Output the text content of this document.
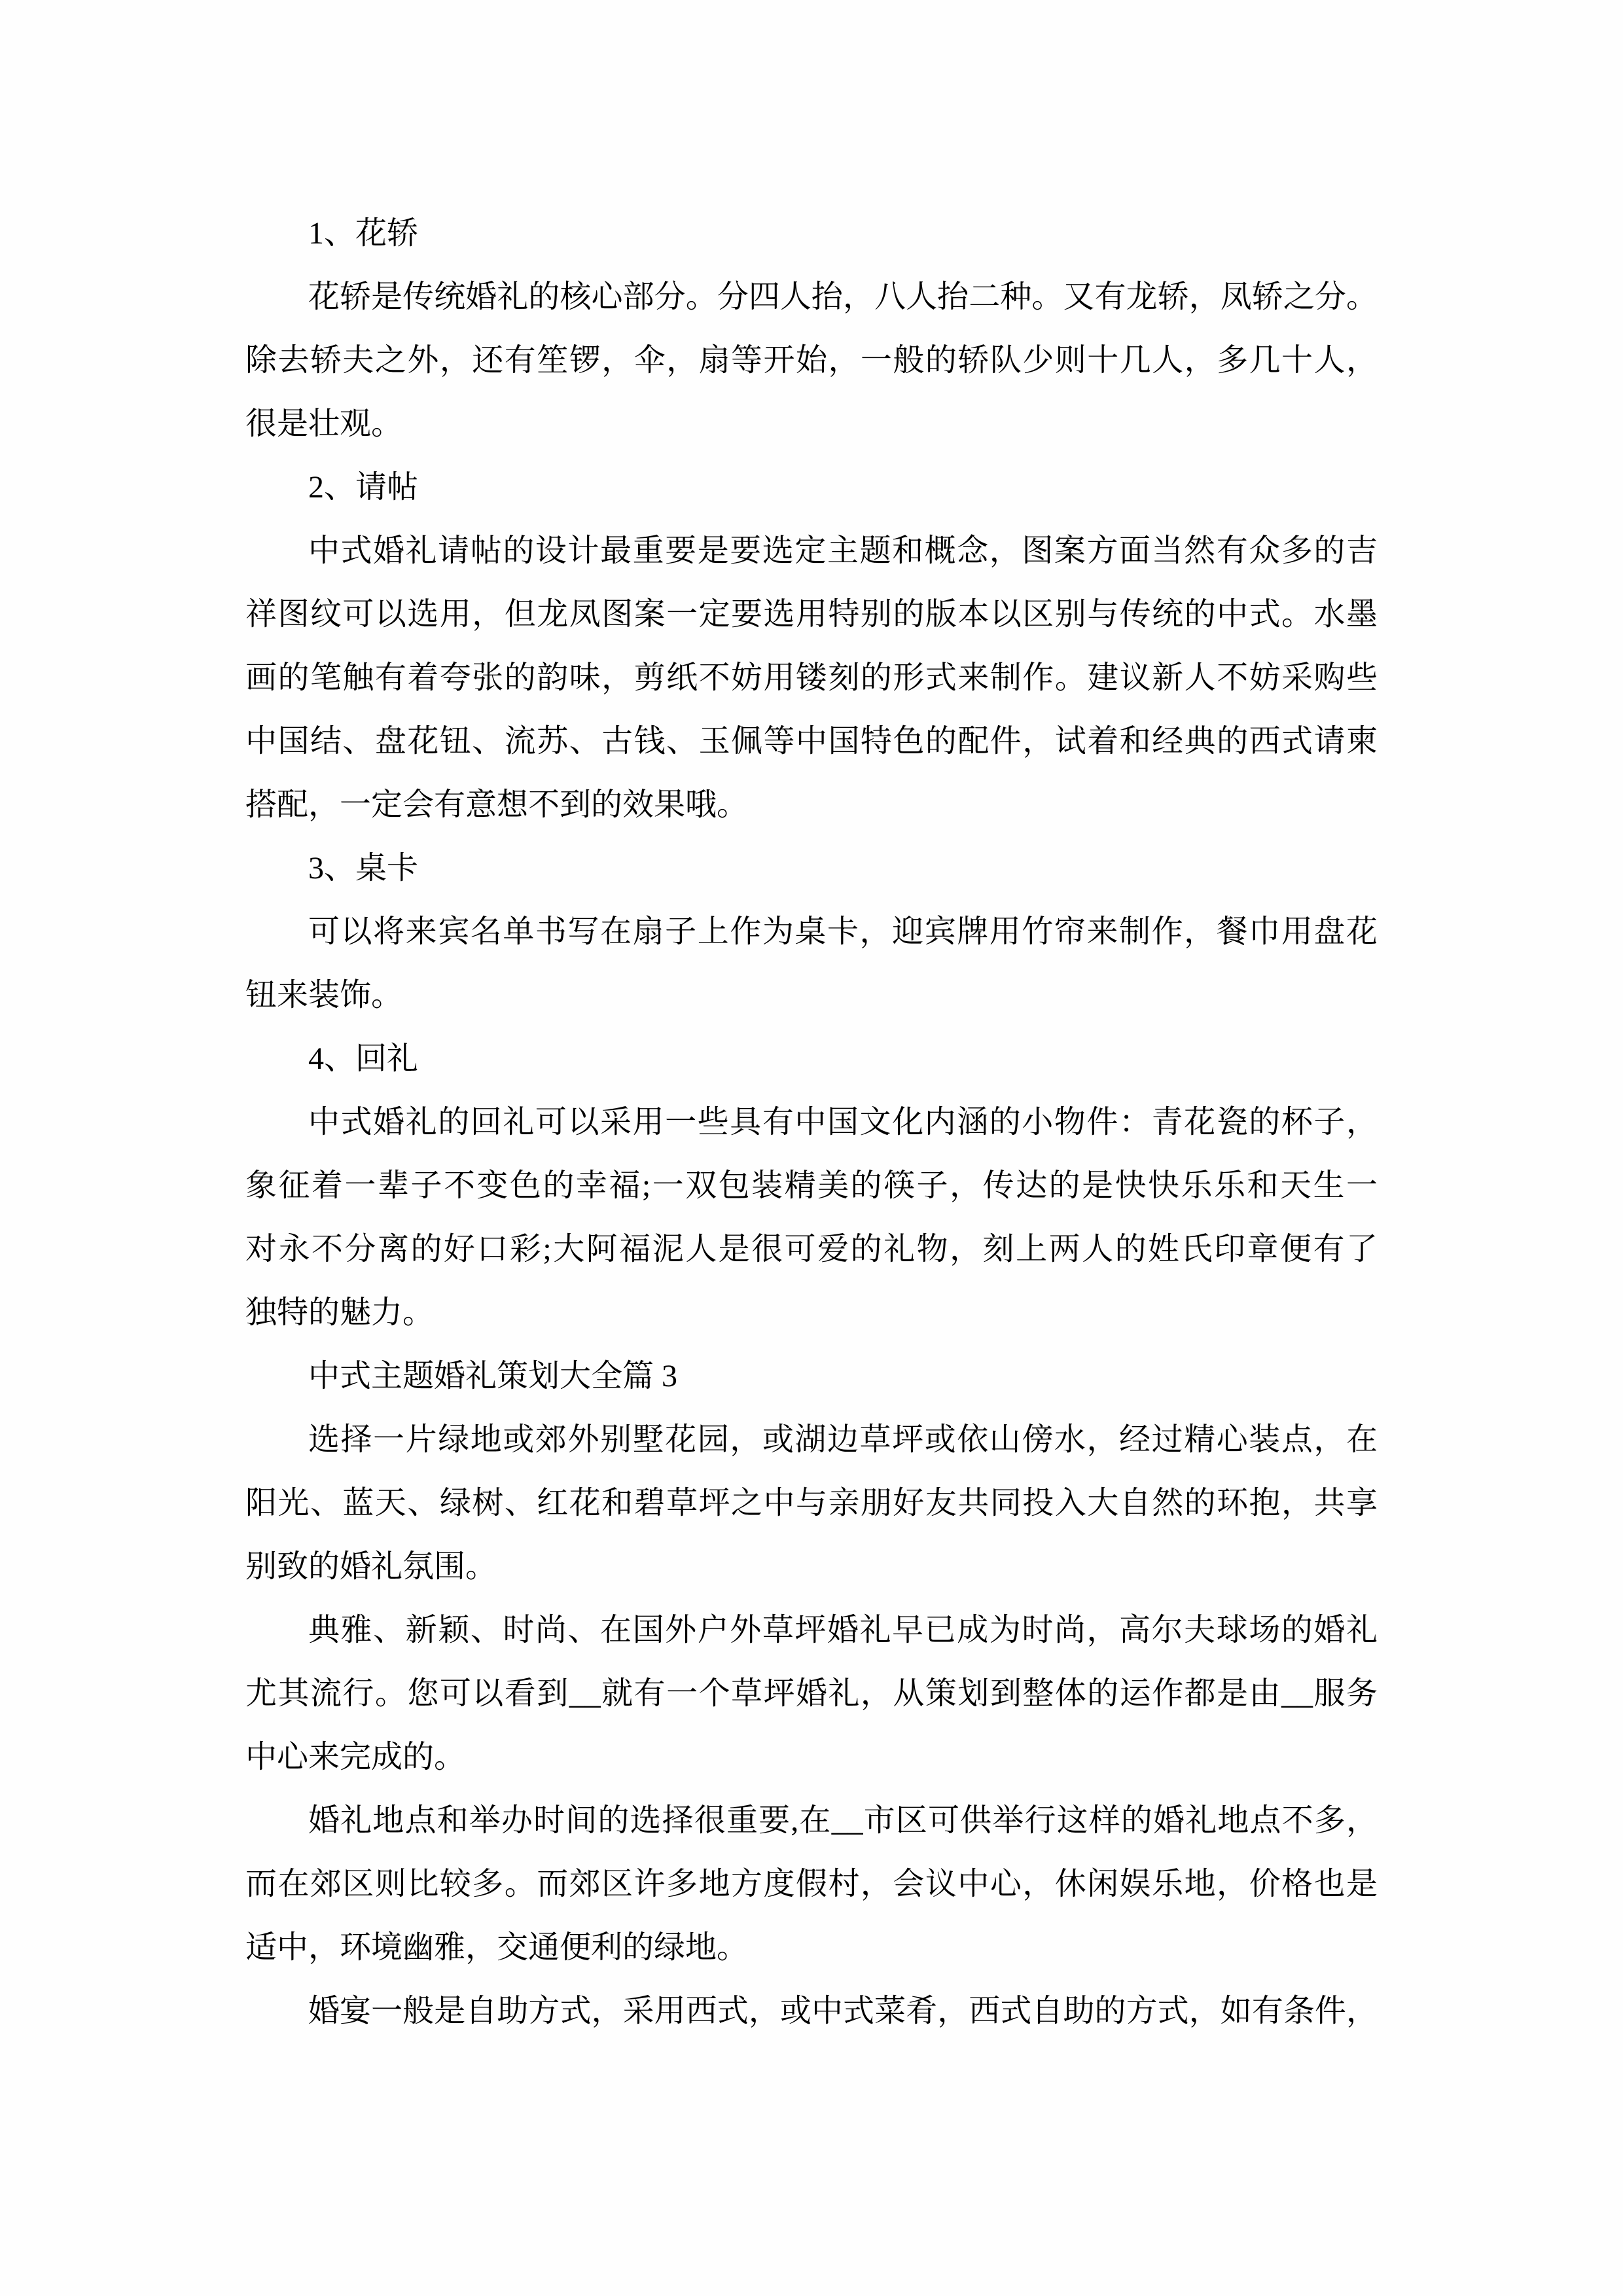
1、花轿
花轿是传统婚礼的核心部分。分四人抬，八人抬二种。又有龙轿，凤轿之分。
除去轿夫之外，还有笙锣，伞，扇等开始，一般的轿队少则十几人，多几十人，
很是壮观。
2、请帖
中式婚礼请帖的设计最重要是要选定主题和概念，图案方面当然有众多的吉
祥图纹可以选用，但龙凤图案一定要选用特别的版本以区别与传统的中式。水墨
画的笔触有着夸张的韵味，剪纸不妨用镂刻的形式来制作。建议新人不妨采购些
中国结、盘花钮、流苏、古钱、玉佩等中国特色的配件，试着和经典的西式请柬
搭配，一定会有意想不到的效果哦。
3、桌卡
可以将来宾名单书写在扇子上作为桌卡，迎宾牌用竹帘来制作，餐巾用盘花
钮来装饰。
4、回礼
中式婚礼的回礼可以采用一些具有中国文化内涵的小物件：青花瓷的杯子，
象征着一辈子不变色的幸福;一双包装精美的筷子，传达的是快快乐乐和天生一
对永不分离的好口彩;大阿福泥人是很可爱的礼物，刻上两人的姓氏印章便有了
独特的魅力。
中式主题婚礼策划大全篇 3
选择一片绿地或郊外别墅花园，或湖边草坪或依山傍水，经过精心装点，在
阳光、蓝天、绿树、红花和碧草坪之中与亲朋好友共同投入大自然的环抱，共享
别致的婚礼氛围。
典雅、新颖、时尚、在国外户外草坪婚礼早已成为时尚，高尔夫球场的婚礼
尤其流行。您可以看到__就有一个草坪婚礼，从策划到整体的运作都是由__服务
中心来完成的。
婚礼地点和举办时间的选择很重要,在__市区可供举行这样的婚礼地点不多，
而在郊区则比较多。而郊区许多地方度假村，会议中心，休闲娱乐地，价格也是
适中，环境幽雅，交通便利的绿地。
婚宴一般是自助方式，采用西式，或中式菜肴，西式自助的方式，如有条件，
